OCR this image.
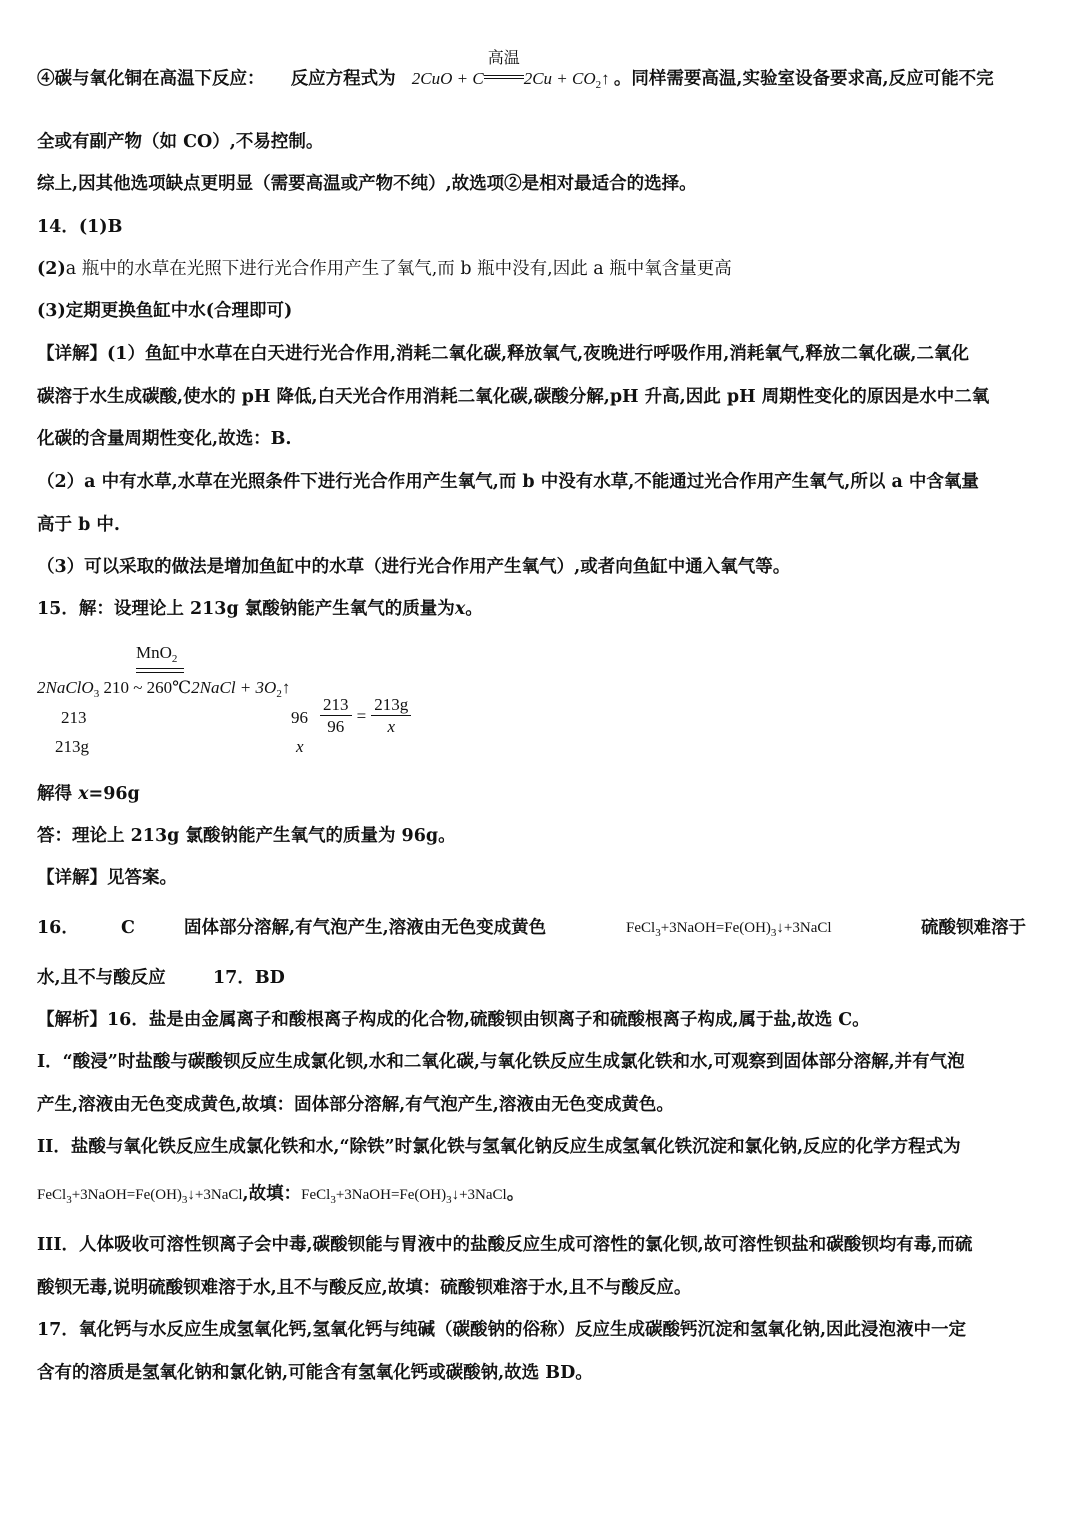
④碳与氧化铜在高温下反应： 反应方程式为 2CuO + C
高温
$2Cu + CO_2↑$ 。同样需要高温,实验室设备要求高,反应可能不完
全或有副产物（如 CO）,不易控制。
综上,因其他选项缺点更明显（需要高温或产物不纯）,故选项②是相对最适合的选择。
14．(1)B
(2)a 瓶中的水草在光照下进行光合作用产生了氧气,而 b 瓶中没有,因此 a 瓶中氧含量更高
(3)定期更换鱼缸中水(合理即可)
【详解】(1）鱼缸中水草在白天进行光合作用,消耗二氧化碳,释放氧气,夜晚进行呼吸作用,消耗氧气,释放二氧化碳,二氧化
碳溶于水生成碳酸,使水的 pH 降低,白天光合作用消耗二氧化碳,碳酸分解,pH 升高,因此 pH 周期性变化的原因是水中二氧
化碳的含量周期性变化,故选：B.
（2）a 中有水草,水草在光照条件下进行光合作用产生氧气,而 b 中没有水草,不能通过光合作用产生氧气,所以 a 中含氧量
高于 b 中.
（3）可以采取的做法是增加鱼缸中的水草（进行光合作用产生氧气）,或者向鱼缸中通入氧气等。
15．解：设理论上 213g 氯酸钠能产生氧气的质量为x。
MnO$_2$
2NaClO$_3$ 210 ~ 260℃2NaCl + $3O_2↑$
213	96
213g	x
$\frac{213}{96} = \frac{213g}{x}$
解得 x=96g
答：理论上 213g 氯酸钠能产生氧气的质量为 96g。
【详解】见答案。
16． C	固体部分溶解,有气泡产生,溶液由无色变成黄色	$FeCl_3+3NaOH=Fe(OH)_3↓+3NaCl$	硫酸钡难溶于
水,且不与酸反应	17．BD
【解析】16．盐是由金属离子和酸根离子构成的化合物,硫酸钡由钡离子和硫酸根离子构成,属于盐,故选 C。
I．“酸浸”时盐酸与碳酸钡反应生成氯化钡,水和二氧化碳,与氧化铁反应生成氯化铁和水,可观察到固体部分溶解,并有气泡
产生,溶液由无色变成黄色,故填：固体部分溶解,有气泡产生,溶液由无色变成黄色。
II．盐酸与氧化铁反应生成氯化铁和水,“除铁”时氯化铁与氢氧化钠反应生成氢氧化铁沉淀和氯化钠,反应的化学方程式为
$FeCl_3+3NaOH=Fe(OH)_3↓+3NaCl$,故填：$FeCl_3+3NaOH=Fe(OH)_3↓+3NaCl$。
III．人体吸收可溶性钡离子会中毒,碳酸钡能与胃液中的盐酸反应生成可溶性的氯化钡,故可溶性钡盐和碳酸钡均有毒,而硫
酸钡无毒,说明硫酸钡难溶于水,且不与酸反应,故填：硫酸钡难溶于水,且不与酸反应。
17．氧化钙与水反应生成氢氧化钙,氢氧化钙与纯碱（碳酸钠的俗称）反应生成碳酸钙沉淀和氢氧化钠,因此浸泡液中一定
含有的溶质是氢氧化钠和氯化钠,可能含有氢氧化钙或碳酸钠,故选 BD。
